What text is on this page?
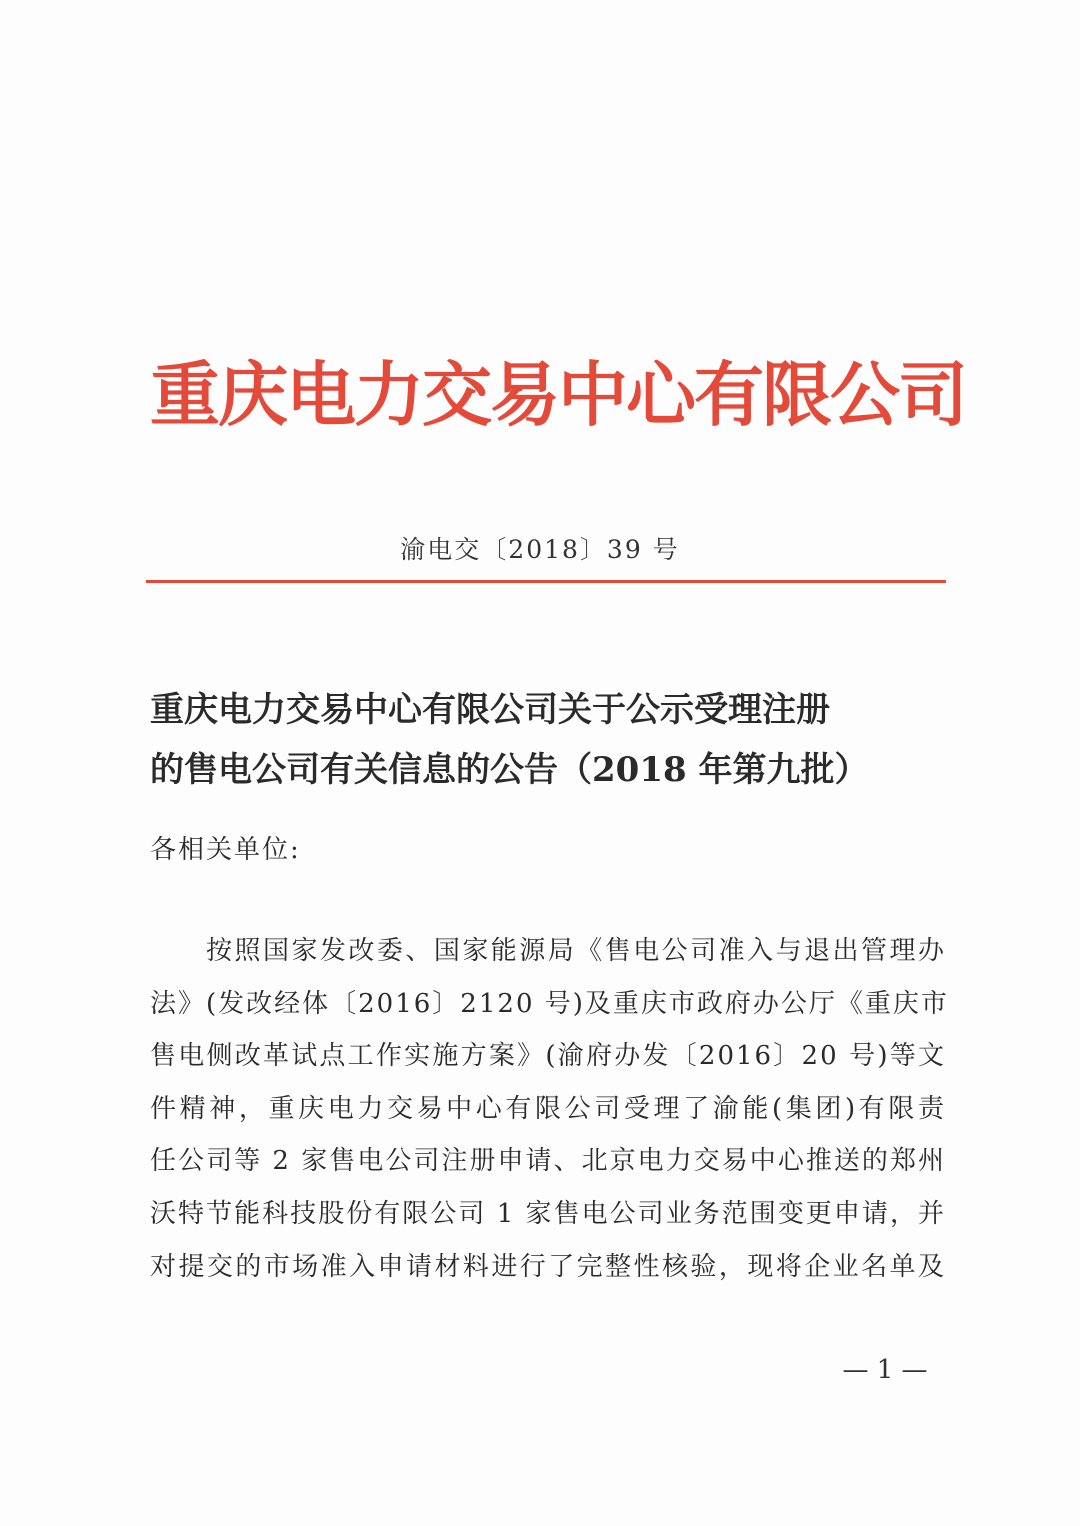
重庆电力交易中心有限公司
渝电交〔2018〕39 号
重庆电力交易中心有限公司关于公示受理注册
的售电公司有关信息的公告（2018 年第九批）
各相关单位:
按照国家发改委、国家能源局《售电公司准入与退出管理办
法》(发改经体〔2016〕2120 号)及重庆市政府办公厅《重庆市
售电侧改革试点工作实施方案》(渝府办发〔2016〕20 号)等文
件精神，重庆电力交易中心有限公司受理了渝能(集团)有限责
任公司等 2 家售电公司注册申请、北京电力交易中心推送的郑州
沃特节能科技股份有限公司 1 家售电公司业务范围变更申请，并
对提交的市场准入申请材料进行了完整性核验，现将企业名单及
— 1 —
